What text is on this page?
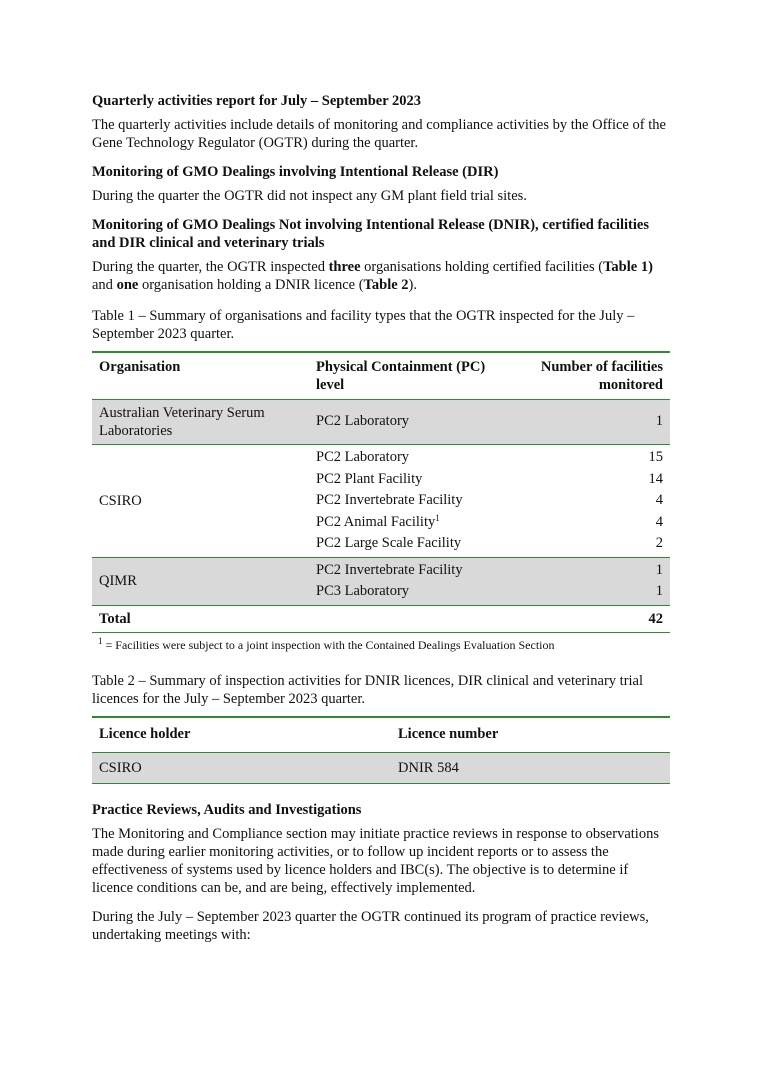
Quarterly activities report for July – September 2023

The quarterly activities include details of monitoring and compliance activities by the Office of the Gene Technology Regulator (OGTR) during the quarter.

Monitoring of GMO Dealings involving Intentional Release (DIR)

During the quarter the OGTR did not inspect any GM plant field trial sites.

Monitoring of GMO Dealings Not involving Intentional Release (DNIR), certified facilities and DIR clinical and veterinary trials

During the quarter, the OGTR inspected three organisations holding certified facilities (Table 1) and one organisation holding a DNIR licence (Table 2).

Table 1 – Summary of organisations and facility types that the OGTR inspected for the July – September 2023 quarter.
Organisation	Physical Containment (PC) level	Number of facilities monitored
Australian Veterinary Serum Laboratories	PC2 Laboratory	1
CSIRO	PC2 Laboratory	15
	PC2 Plant Facility	14
	PC2 Invertebrate Facility	4
	PC2 Animal Facility$^1$	4
	PC2 Large Scale Facility	2
QIMR	PC2 Invertebrate Facility	1
	PC3 Laboratory	1
Total		42
$^1$ = Facilities were subject to a joint inspection with the Contained Dealings Evaluation Section
Table 2 – Summary of inspection activities for DNIR licences, DIR clinical and veterinary trial licences for the July – September 2023 quarter.
Licence holder	Licence number
CSIRO	DNIR 584
Practice Reviews, Audits and Investigations

The Monitoring and Compliance section may initiate practice reviews in response to observations made during earlier monitoring activities, or to follow up incident reports or to assess the effectiveness of systems used by licence holders and IBC(s). The objective is to determine if licence conditions can be, and are being, effectively implemented.

During the July – September 2023 quarter the OGTR continued its program of practice reviews, undertaking meetings with:
